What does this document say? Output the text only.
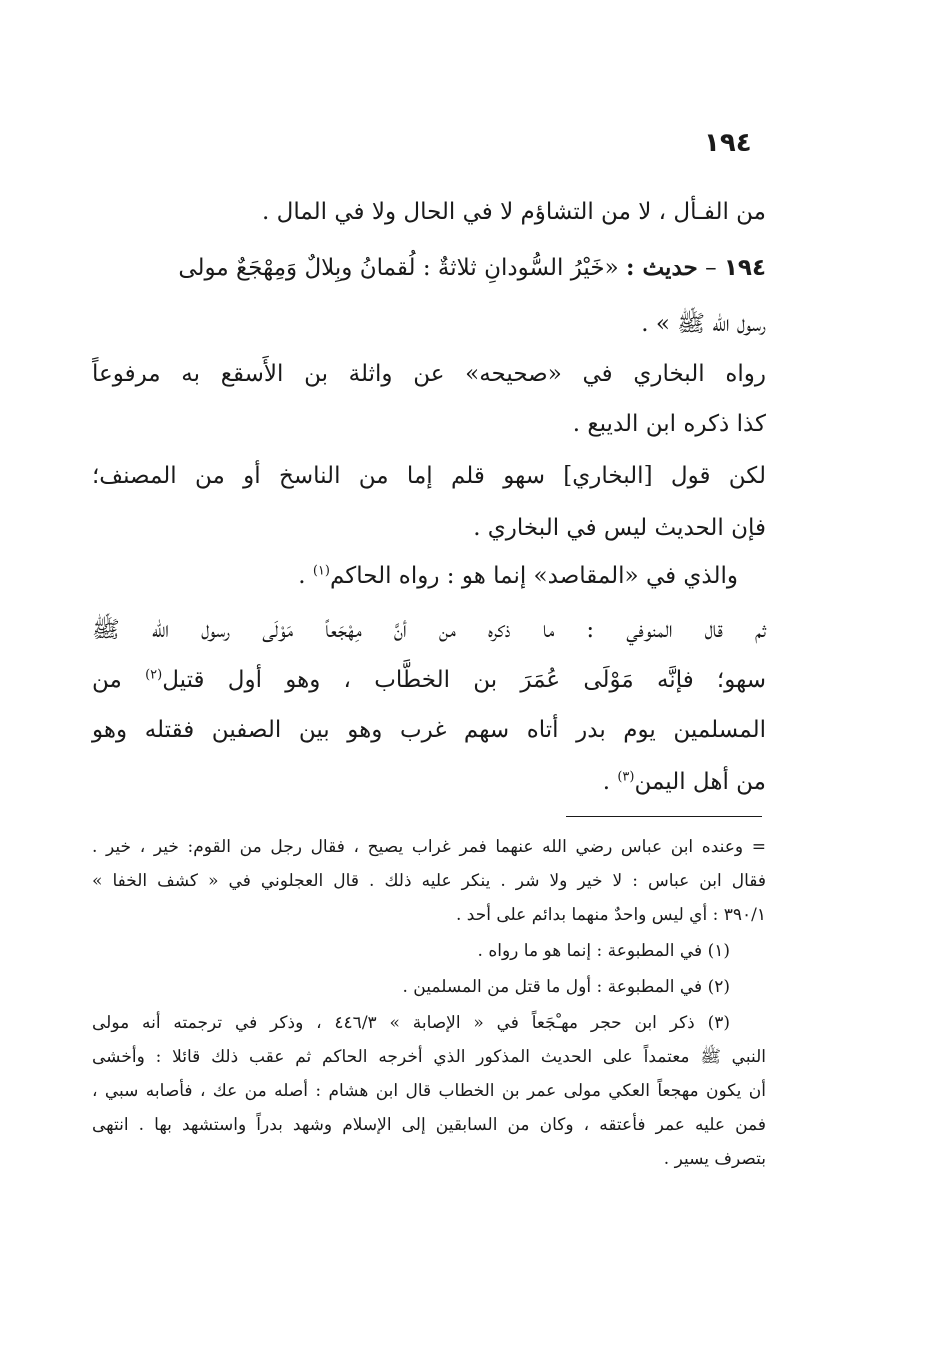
١٩٤
من الفـأل ، لا من التشاؤم لا في الحال ولا في المال .
١٩٤ – حديث : «خَيْرُ السُّودانِ ثلاثةٌ : لُقمانُ وبِلالٌ وَمِهْجَعٌ مولى
رسول الله ﷺ » .
رواه البخاري في «صحيحه» عن واثلة بن الأَسقع به مرفوعاً
كذا ذكره ابن الديبع .
لكن قول [البخاري] سهو قلم إما من الناسخ أو من المصنف؛
فإن الحديث ليس في البخاري .
والذي في «المقاصد» إنما هو : رواه الحاكم$^{(١)}$ .
ثم قال المنوفي : ما ذكره من أنَّ مِهْجَعاً مَوْلَى رسول الله ﷺ
سهو؛ فإنَّه مَوْلَى عُمَرَ بن الخطَّاب ، وهو أول قتيل$^{(٢)}$ من
المسلمين يوم بدر أتاه سهم غرب وهو بين الصفين فقتله وهو
من أهل اليمن$^{(٣)}$ .
= وعنده ابن عباس رضي الله عنهما فمر غراب يصيح ، فقال رجل من القوم: خير ، خير .
فقال ابن عباس : لا خير ولا شر . ينكر عليه ذلك . قال العجلوني في « كشف الخفا »
٣٩٠/١ : أي ليس واحدٌ منهما بدائم على أحد .
(١) في المطبوعة : إنما هو ما رواه .
(٢) في المطبوعة : أول ما قتل من المسلمين .
(٣) ذكر ابن حجر مهـْجَعاً في « الإصابة » ٤٤٦/٣ ، وذكر في ترجمته أنه مولى
النبي ﷺ معتمداً على الحديث المذكور الذي أخرجه الحاكم ثم عقب ذلك قائلا : وأخشى
أن يكون مهجعاً العكي مولى عمر بن الخطاب قال ابن هشام : أصله من عك ، فأصابه سبي ،
فمن عليه عمر فأعتقه ، وكان من السابقين إلى الإسلام وشهد بدراً واستشهد بها . انتهى
بتصرف يسير .
